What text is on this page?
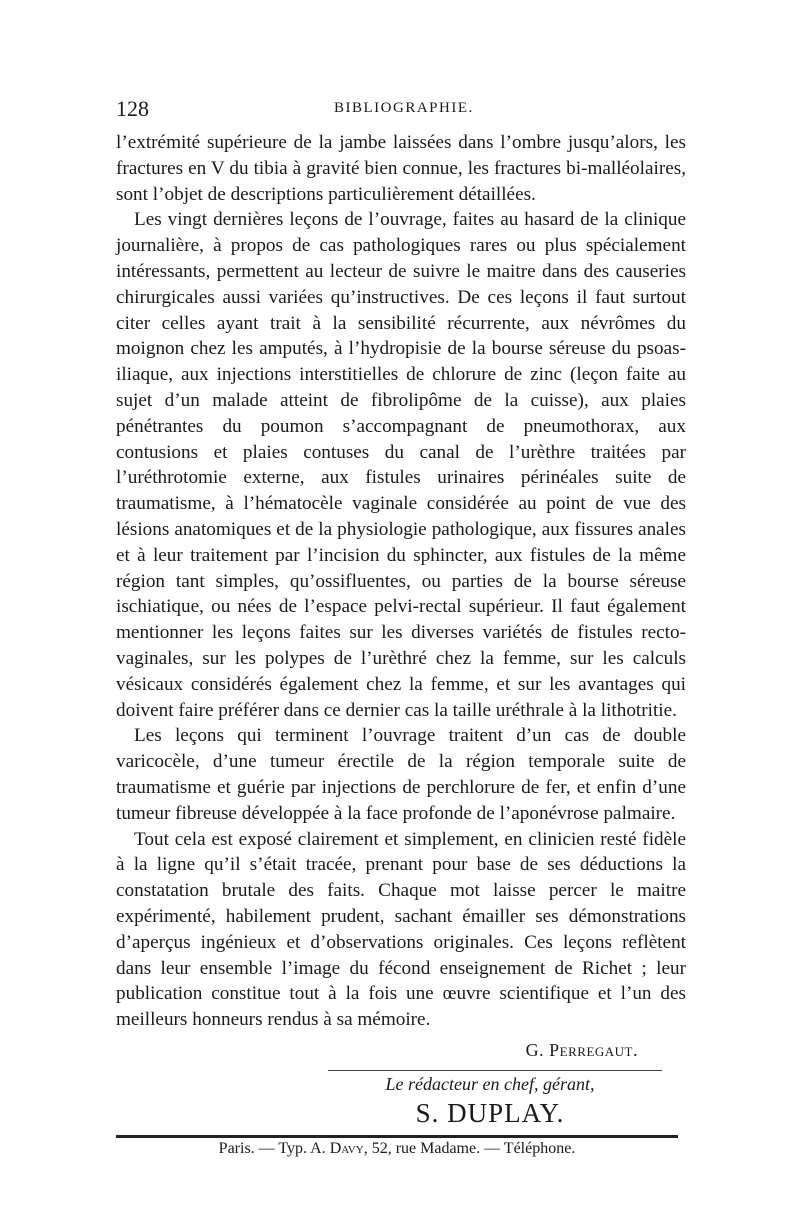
128	BIBLIOGRAPHIE.

l’extrémité supérieure de la jambe laissées dans l’ombre jusqu’alors, les fractures en V du tibia à gravité bien connue, les fractures bi-malléolaires, sont l’objet de descriptions particulièrement détaillées.

Les vingt dernières leçons de l’ouvrage, faites au hasard de la clinique journalière, à propos de cas pathologiques rares ou plus spécialement intéressants, permettent au lecteur de suivre le maitre dans des causeries chirurgicales aussi variées qu’instructives. De ces leçons il faut surtout citer celles ayant trait à la sensibilité récurrente, aux névrômes du moignon chez les amputés, à l’hydropisie de la bourse séreuse du psoas-iliaque, aux injections interstitielles de chlorure de zinc (leçon faite au sujet d’un malade atteint de fibrolipôme de la cuisse), aux plaies pénétrantes du poumon s’accompagnant de pneumothorax, aux contusions et plaies contuses du canal de l’urèthre traitées par l’uréthrotomie externe, aux fistules urinaires périnéales suite de traumatisme, à l’hématocèle vaginale considérée au point de vue des lésions anatomiques et de la physiologie pathologique, aux fissures anales et à leur traitement par l’incision du sphincter, aux fistules de la même région tant simples, qu’ossifluentes, ou parties de la bourse séreuse ischiatique, ou nées de l’espace pelvi-rectal supérieur. Il faut également mentionner les leçons faites sur les diverses variétés de fistules recto-vaginales, sur les polypes de l’urèthré chez la femme, sur les calculs vésicaux considérés également chez la femme, et sur les avantages qui doivent faire préférer dans ce dernier cas la taille uréthrale à la lithotritie.

Les leçons qui terminent l’ouvrage traitent d’un cas de double varicocèle, d’une tumeur érectile de la région temporale suite de traumatisme et guérie par injections de perchlorure de fer, et enfin d’une tumeur fibreuse développée à la face profonde de l’aponévrose palmaire.

Tout cela est exposé clairement et simplement, en clinicien resté fidèle à la ligne qu’il s’était tracée, prenant pour base de ses déductions la constatation brutale des faits. Chaque mot laisse percer le maitre expérimenté, habilement prudent, sachant émailler ses démonstrations d’aperçus ingénieux et d’observations originales. Ces leçons reflètent dans leur ensemble l’image du fécond enseignement de Richet ; leur publication constitue tout à la fois une œuvre scientifique et l’un des meilleurs honneurs rendus à sa mémoire.

G. Perregaut.
Le rédacteur en chef, gérant,
S. DUPLAY.
Paris. — Typ. A. Davy, 52, rue Madame. — Téléphone.
